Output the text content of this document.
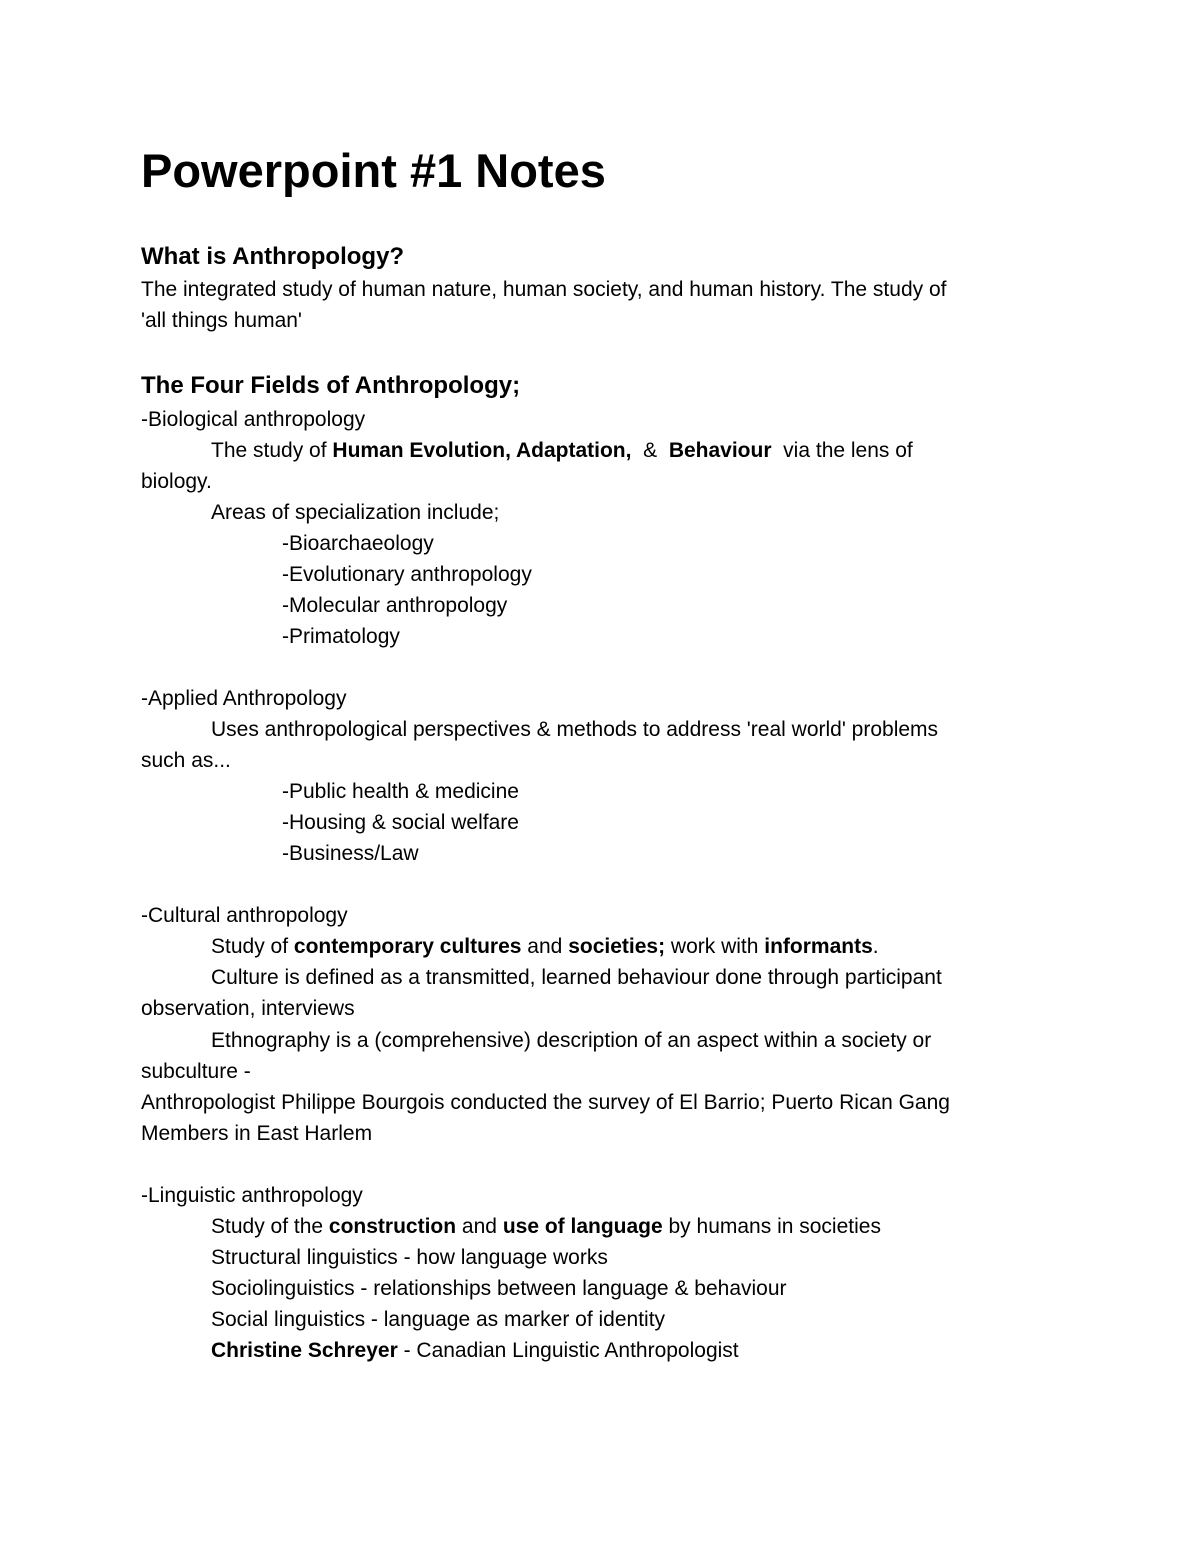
Powerpoint #1 Notes
What is Anthropology?
The integrated study of human nature, human society, and human history. The study of
'all things human'
The Four Fields of Anthropology;
-Biological anthropology
The study of Human Evolution, Adaptation,  &  Behaviour  via the lens of
biology.
Areas of specialization include;
-Bioarchaeology
-Evolutionary anthropology
-Molecular anthropology
-Primatology
-Applied Anthropology
Uses anthropological perspectives & methods to address 'real world' problems
such as...
-Public health & medicine
-Housing & social welfare
-Business/Law
-Cultural anthropology
Study of contemporary cultures and societies; work with informants.
Culture is defined as a transmitted, learned behaviour done through participant
observation, interviews
Ethnography is a (comprehensive) description of an aspect within a society or
subculture -
Anthropologist Philippe Bourgois conducted the survey of El Barrio; Puerto Rican Gang
Members in East Harlem
-Linguistic anthropology
Study of the construction and use of language by humans in societies
Structural linguistics - how language works
Sociolinguistics - relationships between language & behaviour
Social linguistics - language as marker of identity
Christine Schreyer - Canadian Linguistic Anthropologist
